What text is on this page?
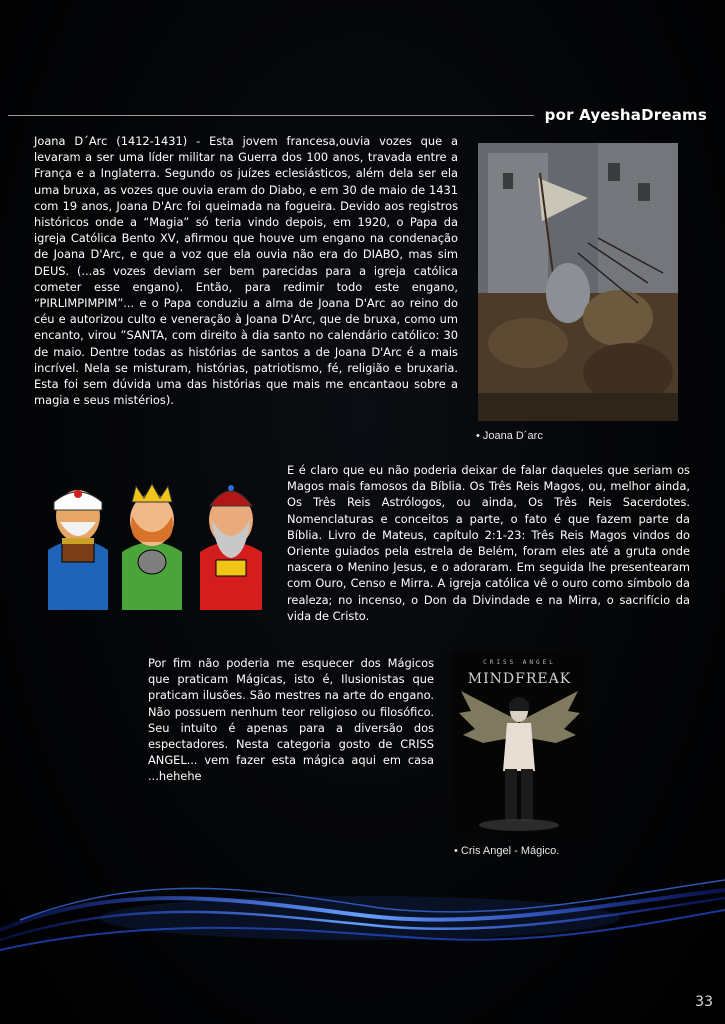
por AyeshaDreams
Joana D´Arc (1412-1431) - Esta jovem francesa,ouvia vozes que a levaram a ser uma líder militar na Guerra dos 100 anos, travada entre a França e a Inglaterra. Segundo os juízes eclesiásticos, além dela ser ela uma bruxa, as vozes que ouvia eram do Diabo, e em 30 de maio de 1431 com 19 anos, Joana D'Arc foi queimada na fogueira. Devido aos registros históricos onde a “Magia” só teria vindo depois, em 1920, o Papa da igreja Católica Bento XV, afirmou que houve um engano na condenação de Joana D'Arc, e que a voz que ela ouvia não era do DIABO, mas sim DEUS. (...as vozes deviam ser bem parecidas para a igreja católica cometer esse engano). Então, para redimir todo este engano, “PIRLIMPIMPIM”... e o Papa conduziu a alma de Joana D'Arc ao reino do céu e autorizou culto e veneração à Joana D'Arc, que de bruxa, como um encanto, virou ”SANTA, com direito à dia santo no calendário católico: 30 de maio. Dentre todas as histórias de santos a de Joana D'Arc é a mais incrível. Nela se misturam, histórias, patriotismo, fé, religião e bruxaria. Esta foi sem dúvida uma das histórias que mais me encantaou sobre a magia e seus mistérios).
• Joana D´arc
E é claro que eu não poderia deixar de falar daqueles que seriam os Magos mais famosos da Bíblia. Os Três Reis Magos, ou, melhor ainda, Os Três Reis Astrólogos, ou ainda, Os Três Reis Sacerdotes. Nomenclaturas e conceitos a parte, o fato é que fazem parte da Bíblia. Livro de Mateus, capítulo 2:1-23: Três Reis Magos vindos do Oriente guiados pela estrela de Belém, foram eles até a gruta onde nascera o Menino Jesus, e o adoraram. Em seguida lhe presentearam com Ouro, Censo e Mirra. A igreja católica vê o ouro como símbolo da realeza; no incenso, o Don da Divindade e na Mirra, o sacrifício da vida de Cristo.
Por fim não poderia me esquecer dos Mágicos que praticam Mágicas, isto é, Ilusionistas que praticam ilusões. São mestres na arte do engano. Não possuem nenhum teor religioso ou filosófico. Seu intuito é apenas para a diversão dos espectadores. Nesta categoria gosto de CRISS ANGEL... vem fazer esta mágica aqui em casa ...hehehe
CRISS ANGEL
MINDFREAK
• Cris Angel - Mágico.
33
